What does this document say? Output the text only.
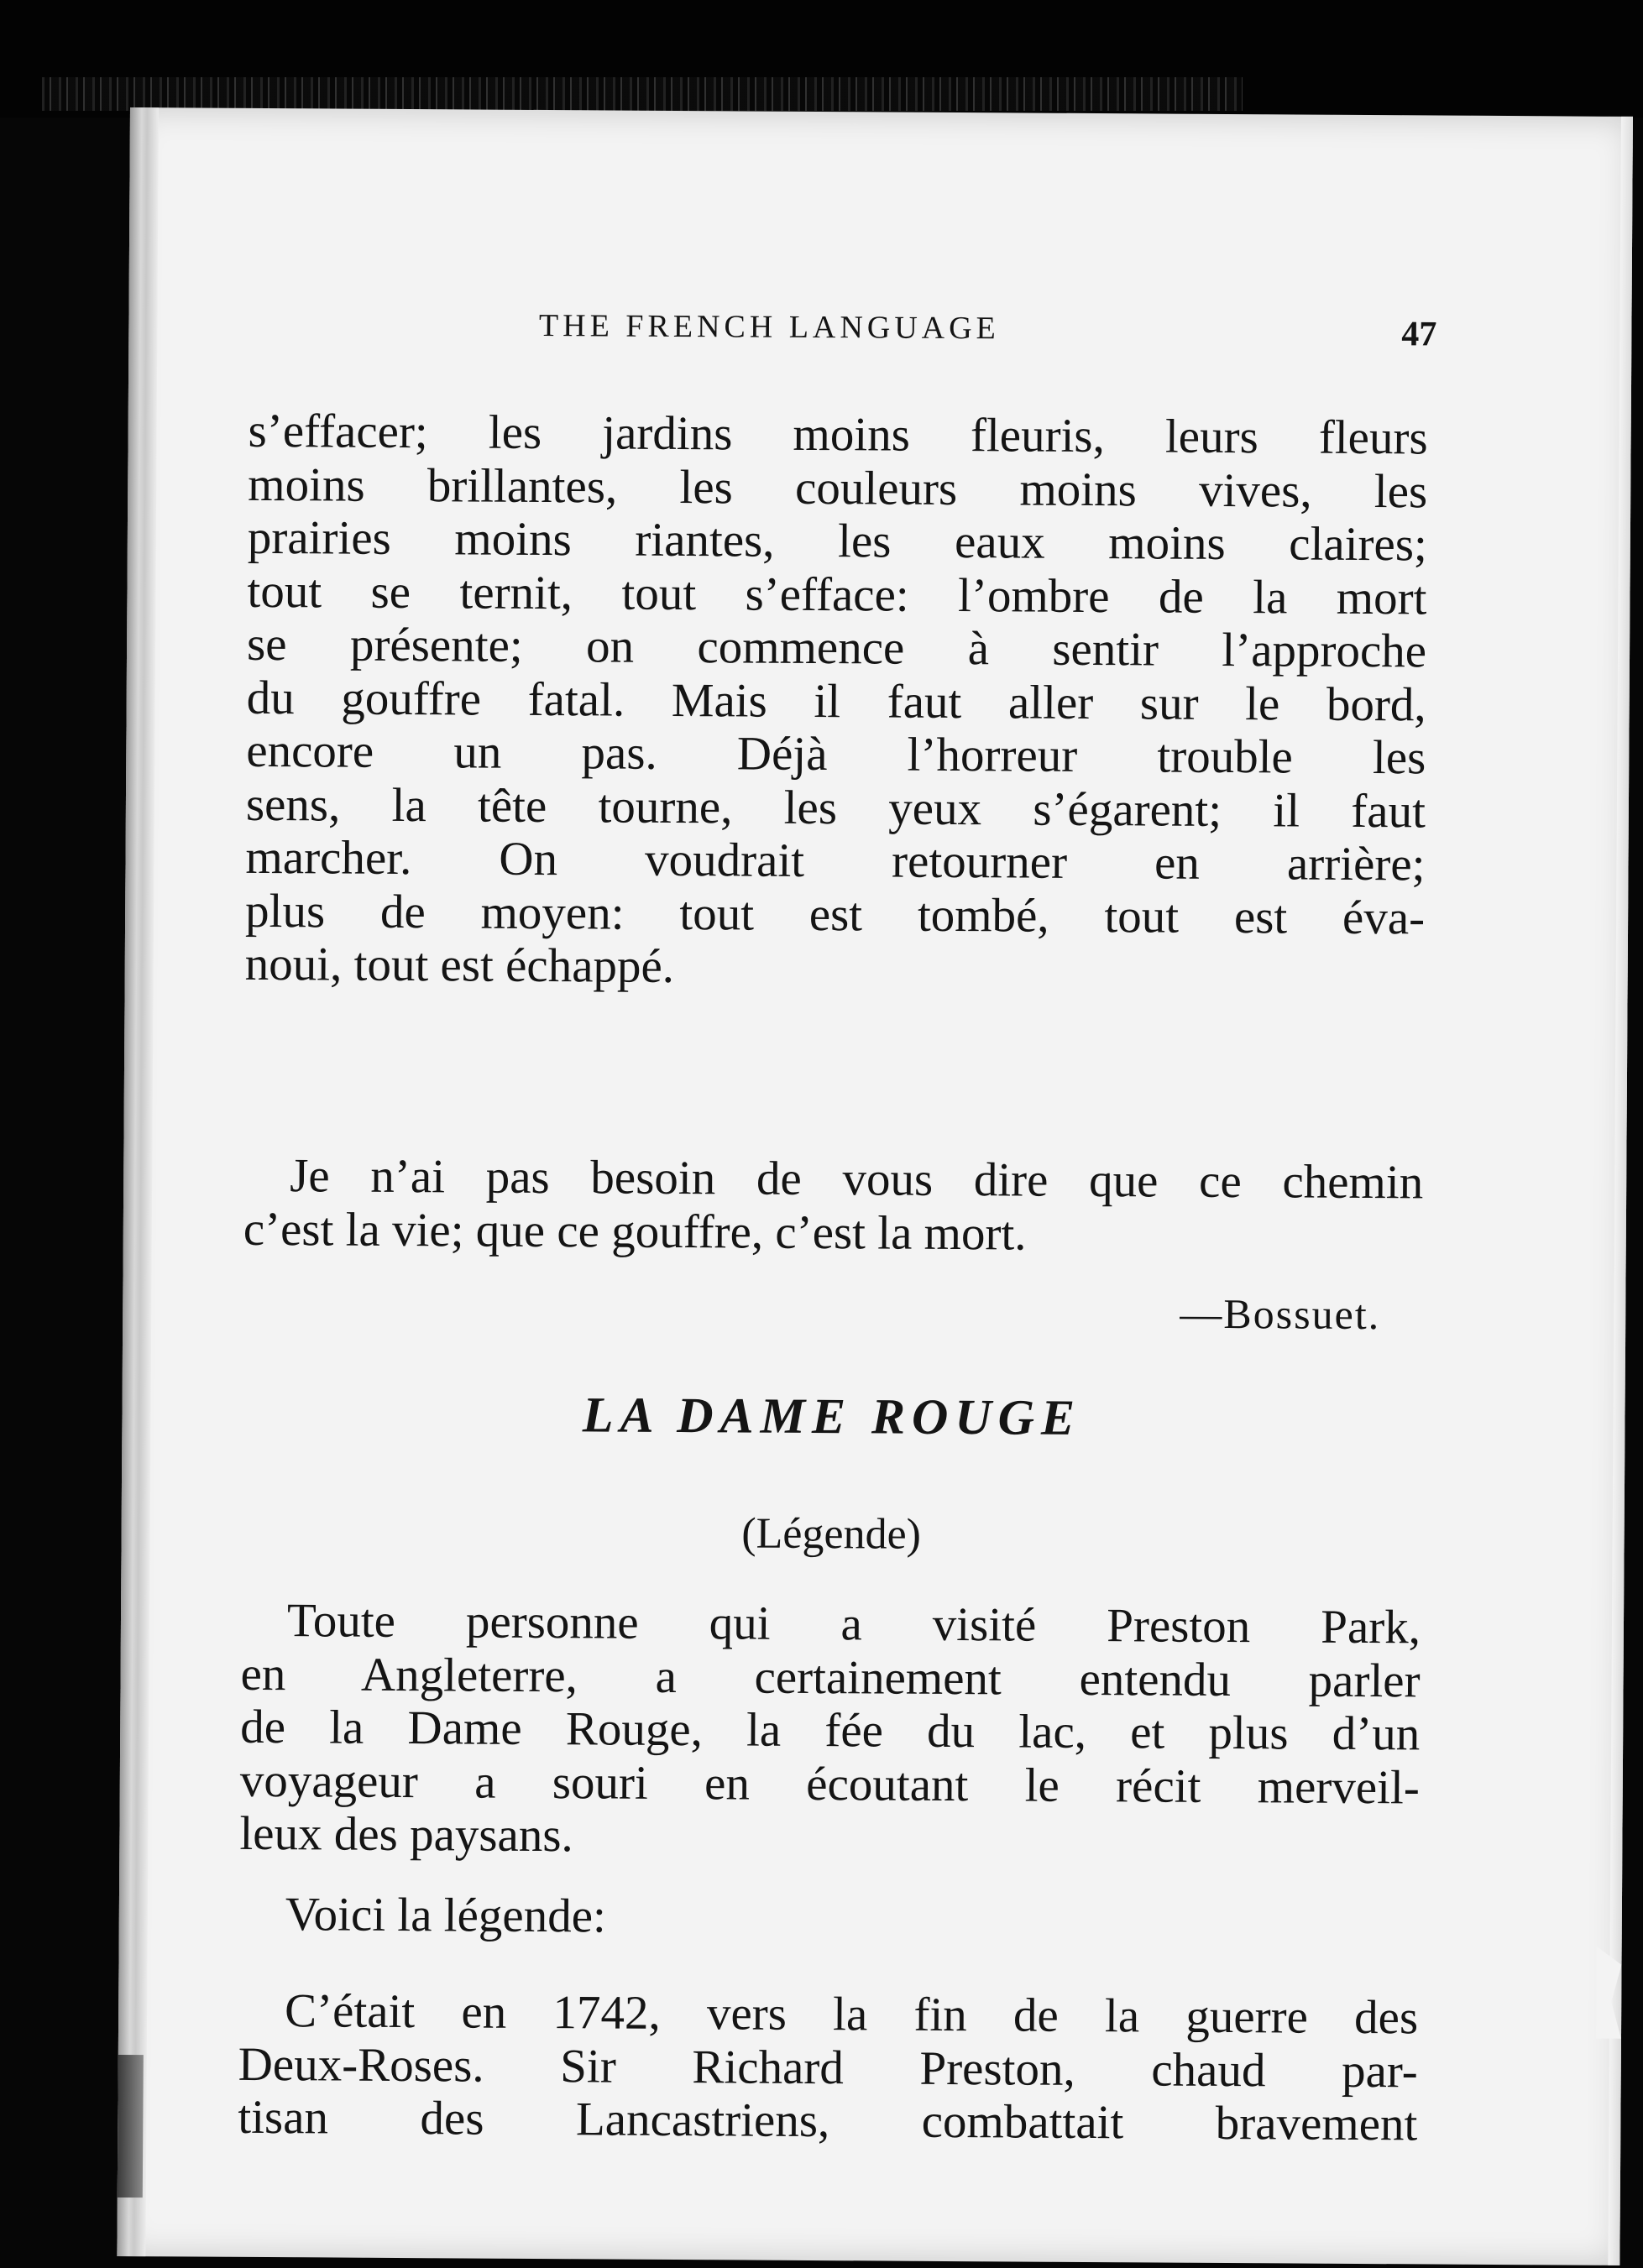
THE FRENCH LANGUAGE	47

s’effacer; les jardins moins fleuris, leurs fleurs
moins brillantes, les couleurs moins vives, les
prairies moins riantes, les eaux moins claires;
tout se ternit, tout s’efface: l’ombre de la mort
se présente; on commence à sentir l’approche
du gouffre fatal. Mais il faut aller sur le bord,
encore un pas. Déjà l’horreur trouble les
sens, la tête tourne, les yeux s’égarent; il faut
marcher. On voudrait retourner en arrière;
plus de moyen: tout est tombé, tout est éva-
noui, tout est échappé.

Je n’ai pas besoin de vous dire que ce chemin
c’est la vie; que ce gouffre, c’est la mort.

—Bossuet.
LA DAME ROUGE
(Légende)

Toute personne qui a visité Preston Park,
en Angleterre, a certainement entendu parler
de la Dame Rouge, la fée du lac, et plus d’un
voyageur a souri en écoutant le récit merveil-
leux des paysans.

Voici la légende:

C’était en 1742, vers la fin de la guerre des
Deux-Roses. Sir Richard Preston, chaud par-
tisan des Lancastriens, combattait bravement
